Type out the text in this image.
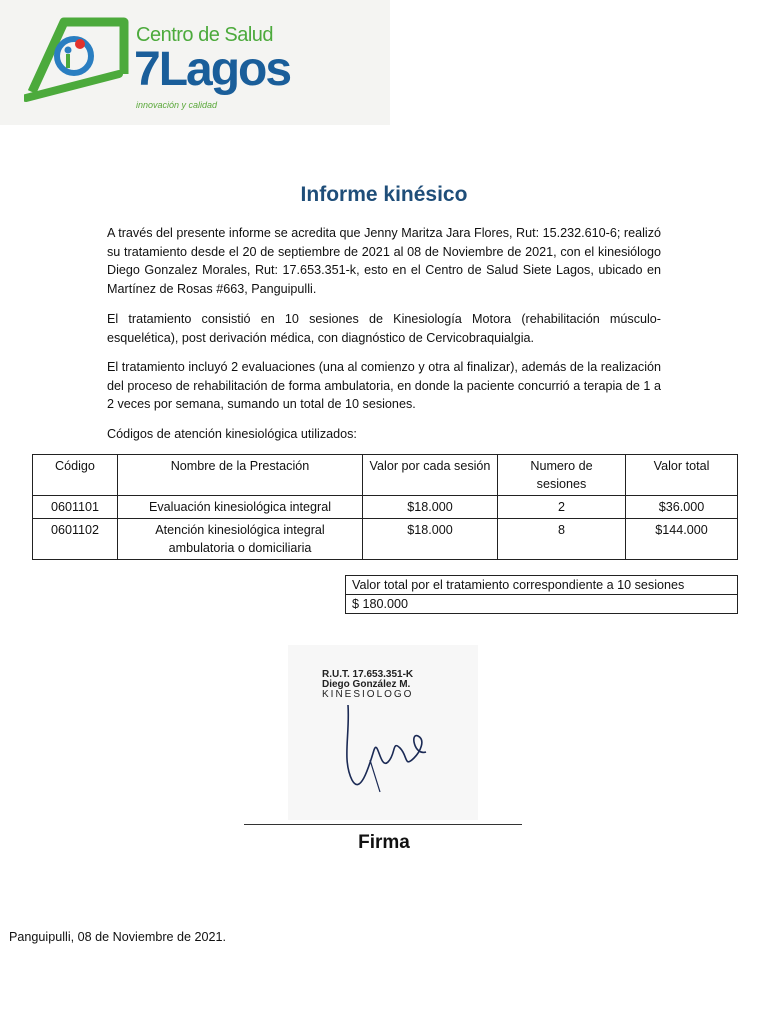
Centro de Salud
7Lagos
innovación y calidad
Informe kinésico
A través del presente informe se acredita que Jenny Maritza Jara Flores, Rut: 15.232.610-6; realizó su tratamiento desde el 20 de septiembre de 2021 al 08 de Noviembre de 2021, con el kinesiólogo Diego Gonzalez Morales, Rut: 17.653.351-k, esto en el Centro de Salud Siete Lagos, ubicado en Martínez de Rosas #663, Panguipulli.
El tratamiento consistió en 10 sesiones de Kinesiología Motora (rehabilitación músculo-esquelética), post derivación médica, con diagnóstico de Cervicobraquialgia.
El tratamiento incluyó 2 evaluaciones (una al comienzo y otra al finalizar), además de la realización del proceso de rehabilitación de forma ambulatoria, en donde la paciente concurrió a terapia de 1 a 2 veces por semana, sumando un total de 10 sesiones.
Códigos de atención kinesiológica utilizados:
Código	Nombre de la Prestación	Valor por cada sesión	Numero de sesiones	Valor total
0601101	Evaluación kinesiológica integral	$18.000	2	$36.000
0601102	Atención kinesiológica integral ambulatoria o domiciliaria	$18.000	8	$144.000
Valor total por el tratamiento correspondiente a 10 sesiones
$ 180.000
R.U.T. 17.653.351-K
Diego González M.
KINESIOLOGO
Firma
Panguipulli, 08 de Noviembre de 2021.
